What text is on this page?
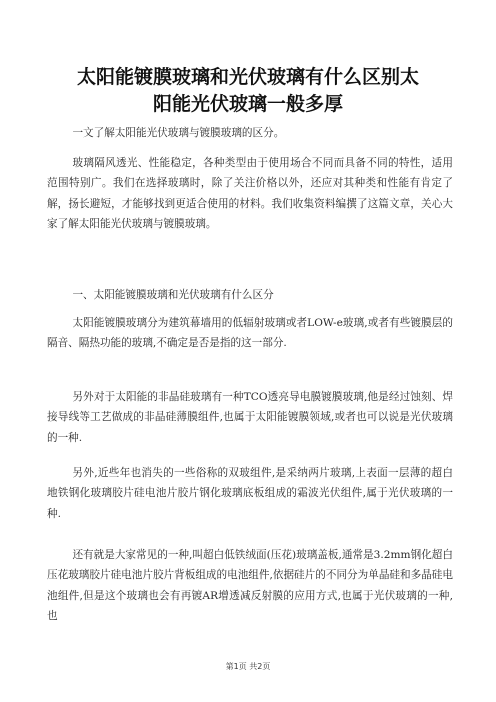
太阳能镀膜玻璃和光伏玻璃有什么区别太
阳能光伏玻璃一般多厚

一文了解太阳能光伏玻璃与镀膜玻璃的区分。

玻璃隔风透光、性能稳定，各种类型由于使用场合不同而具备不同的特性，适用范围特别广。我们在选择玻璃时，除了关注价格以外，还应对其种类和性能有肯定了解，扬长避短，才能够找到更适合使用的材料。我们收集资料编撰了这篇文章，关心大家了解太阳能光伏玻璃与镀膜玻璃。

一、太阳能镀膜玻璃和光伏玻璃有什么区分

太阳能镀膜玻璃分为建筑幕墙用的低辐射玻璃或者LOW-e玻璃,或者有些镀膜层的隔音、隔热功能的玻璃,不确定是否是指的这一部分.

另外对于太阳能的非晶硅玻璃有一种TCO透亮导电膜镀膜玻璃,他是经过蚀刻、焊接导线等工艺做成的非晶硅薄膜组件,也属于太阳能镀膜领域,或者也可以说是光伏玻璃的一种.

另外,近些年也消失的一些俗称的双玻组件,是采纳两片玻璃,上表面一层薄的超白地铁钢化玻璃胶片硅电池片胶片钢化玻璃底板组成的霜波光伏组件,属于光伏玻璃的一种.

还有就是大家常见的一种,叫超白低铁绒面(压花)玻璃盖板,通常是3.2mm钢化超白压花玻璃胶片硅电池片胶片背板组成的电池组件,依据硅片的不同分为单晶硅和多晶硅电池组件,但是这个玻璃也会有再镀AR增透减反射膜的应用方式,也属于光伏玻璃的一种,也

第1页 共2页
